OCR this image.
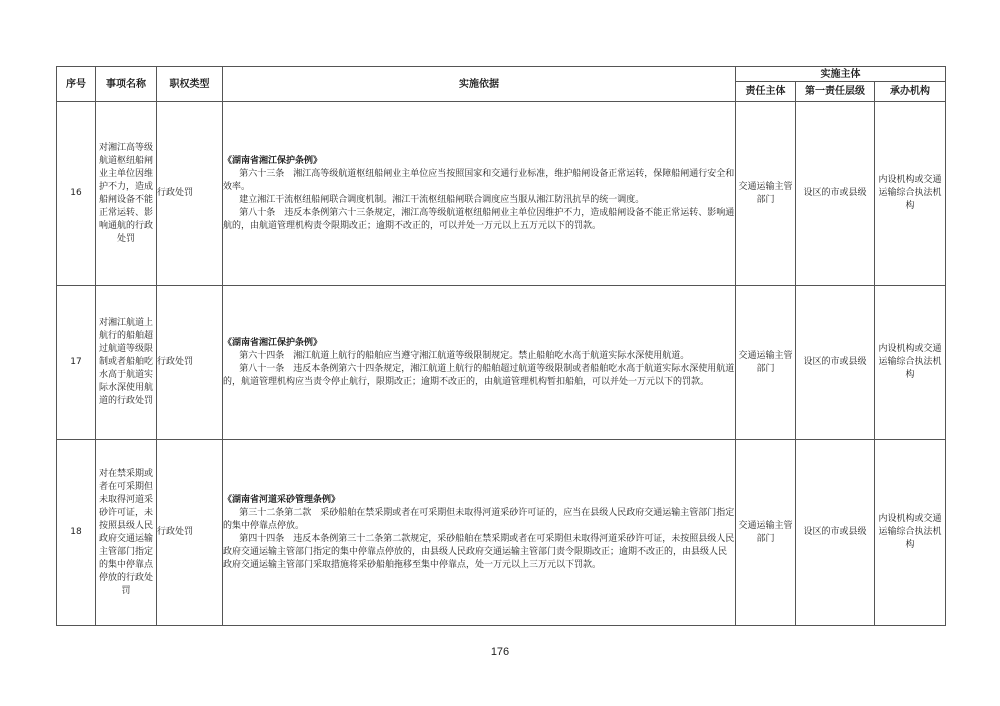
序号	事项名称	职权类型	实施依据	实施主体		
				责任主体	第一责任层级	承办机构
16	对湘江高等级航道枢纽船闸业主单位因维护不力，造成船闸设备不能正常运转、影响通航的行政处罚	行政处罚	《湖南省湘江保护条例》
第六十三条　湘江高等级航道枢纽船闸业主单位应当按照国家和交通行业标准，维护船闸设备正常运转，保障船闸通行安全和效率。
建立湘江干流枢纽船闸联合调度机制。湘江干流枢纽船闸联合调度应当服从湘江防汛抗旱的统一调度。
第八十条　违反本条例第六十三条规定，湘江高等级航道枢纽船闸业主单位因维护不力，造成船闸设备不能正常运转、影响通航的，由航道管理机构责令限期改正；逾期不改正的，可以并处一万元以上五万元以下的罚款。	交通运输主管部门	设区的市或县级	内设机构或交通运输综合执法机构
17	对湘江航道上航行的船舶超过航道等级限制或者船舶吃水高于航道实际水深使用航道的行政处罚	行政处罚	《湖南省湘江保护条例》
第六十四条　湘江航道上航行的船舶应当遵守湘江航道等级限制规定。禁止船舶吃水高于航道实际水深使用航道。
第八十一条　违反本条例第六十四条规定，湘江航道上航行的船舶超过航道等级限制或者船舶吃水高于航道实际水深使用航道的，航道管理机构应当责令停止航行，限期改正；逾期不改正的，由航道管理机构暂扣船舶，可以并处一万元以下的罚款。	交通运输主管部门	设区的市或县级	内设机构或交通运输综合执法机构
18	对在禁采期或者在可采期但未取得河道采砂许可证，未按照县级人民政府交通运输主管部门指定的集中停靠点停放的行政处罚	行政处罚	《湖南省河道采砂管理条例》
第三十二条第二款　采砂船舶在禁采期或者在可采期但未取得河道采砂许可证的，应当在县级人民政府交通运输主管部门指定的集中停靠点停放。
第四十四条　违反本条例第三十二条第二款规定，采砂船舶在禁采期或者在可采期但未取得河道采砂许可证，未按照县级人民政府交通运输主管部门指定的集中停靠点停放的，由县级人民政府交通运输主管部门责令限期改正；逾期不改正的，由县级人民政府交通运输主管部门采取措施将采砂船舶拖移至集中停靠点，处一万元以上三万元以下罚款。	交通运输主管部门	设区的市或县级	内设机构或交通运输综合执法机构
176
